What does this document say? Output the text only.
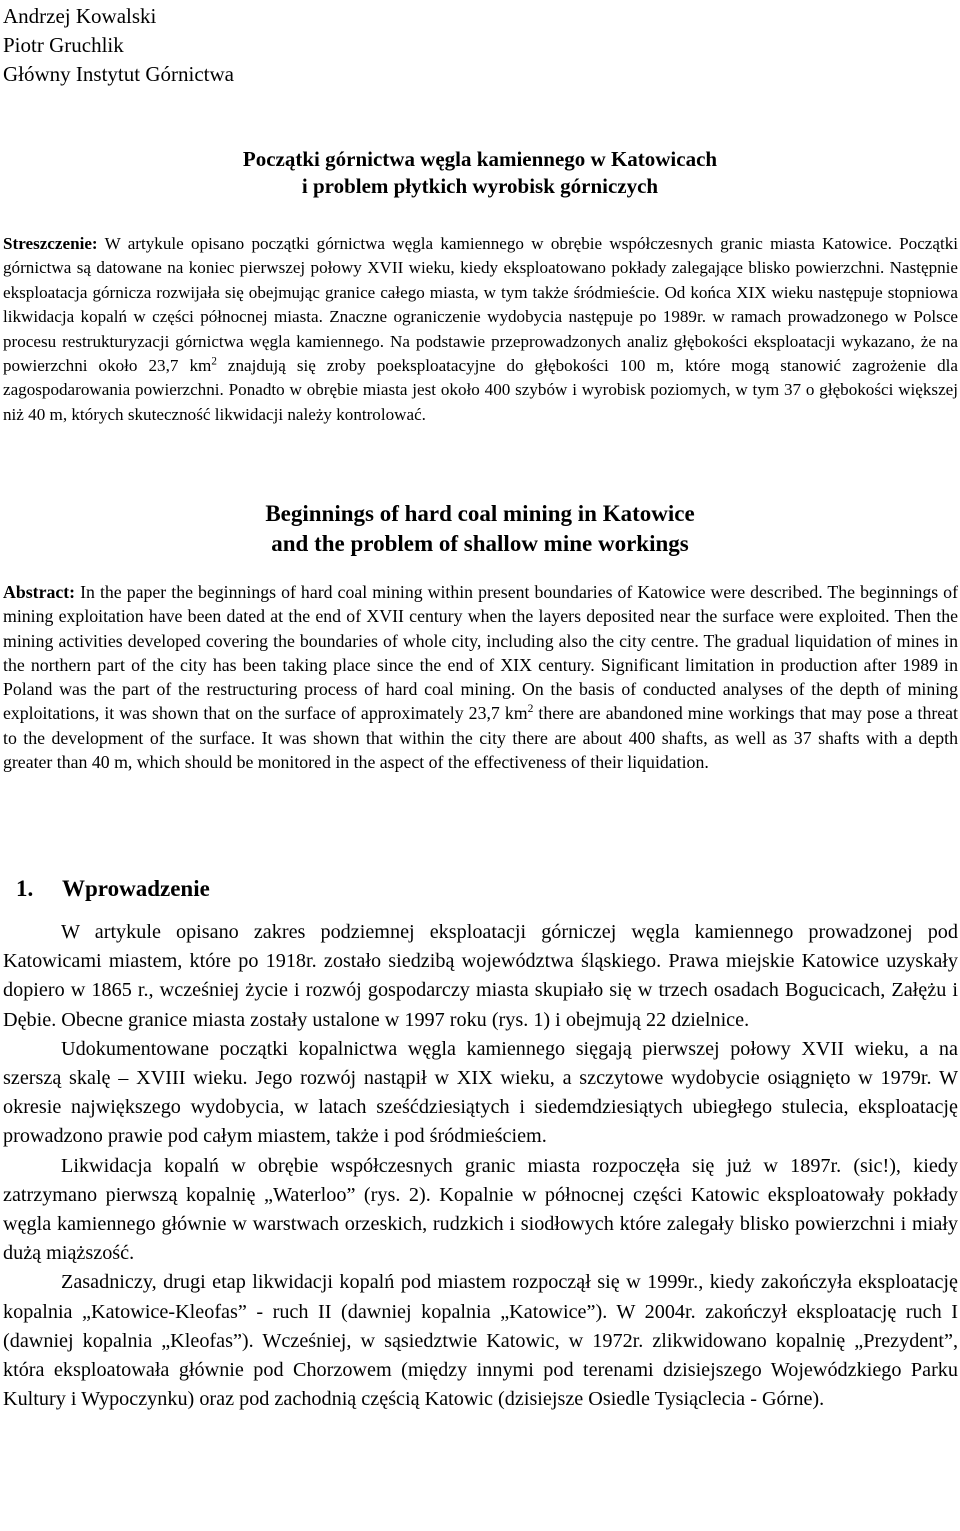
Andrzej Kowalski
Piotr Gruchlik
Główny Instytut Górnictwa
Początki górnictwa węgla kamiennego w Katowicach
i problem płytkich wyrobisk górniczych
Streszczenie: W artykule opisano początki górnictwa węgla kamiennego w obrębie współczesnych granic miasta Katowice. Początki górnictwa są datowane na koniec pierwszej połowy XVII wieku, kiedy eksploatowano pokłady zalegające blisko powierzchni. Następnie eksploatacja górnicza rozwijała się obejmując granice całego miasta, w tym także śródmieście. Od końca XIX wieku następuje stopniowa likwidacja kopalń w części północnej miasta. Znaczne ograniczenie wydobycia następuje po 1989r. w ramach prowadzonego w Polsce procesu restrukturyzacji górnictwa węgla kamiennego. Na podstawie przeprowadzonych analiz głębokości eksploatacji wykazano, że na powierzchni około 23,7 $km^2$ znajdują się zroby poeksploatacyjne do głębokości 100 m, które mogą stanowić zagrożenie dla zagospodarowania powierzchni. Ponadto w obrębie miasta jest około 400 szybów i wyrobisk poziomych, w tym 37 o głębokości większej niż 40 m, których skuteczność likwidacji należy kontrolować.
Beginnings of hard coal mining in Katowice
and the problem of shallow mine workings
Abstract: In the paper the beginnings of hard coal mining within present boundaries of Katowice were described. The beginnings of mining exploitation have been dated at the end of XVII century when the layers deposited near the surface were exploited. Then the mining activities developed covering the boundaries of whole city, including also the city centre. The gradual liquidation of mines in the northern part of the city has been taking place since the end of XIX century. Significant limitation in production after 1989 in Poland was the part of the restructuring process of hard coal mining. On the basis of conducted analyses of the depth of mining exploitations, it was shown that on the surface of approximately 23,7 $km^2$ there are abandoned mine workings that may pose a threat to the development of the surface. It was shown that within the city there are about 400 shafts, as well as 37 shafts with a depth greater than 40 m, which should be monitored in the aspect of the effectiveness of their liquidation.
1. Wprowadzenie

W artykule opisano zakres podziemnej eksploatacji górniczej węgla kamiennego prowadzonej pod Katowicami miastem, które po 1918r. zostało siedzibą województwa śląskiego. Prawa miejskie Katowice uzyskały dopiero w 1865 r., wcześniej życie i rozwój gospodarczy miasta skupiało się w trzech osadach Bogucicach, Załężu i Dębie. Obecne granice miasta zostały ustalone w 1997 roku (rys. 1) i obejmują 22 dzielnice.

Udokumentowane początki kopalnictwa węgla kamiennego sięgają pierwszej połowy XVII wieku, a na szerszą skalę – XVIII wieku. Jego rozwój nastąpił w XIX wieku, a szczytowe wydobycie osiągnięto w 1979r. W okresie największego wydobycia, w latach sześćdziesiątych i siedemdziesiątych ubiegłego stulecia, eksploatację prowadzono prawie pod całym miastem, także i pod śródmieściem.

Likwidacja kopalń w obrębie współczesnych granic miasta rozpoczęła się już w 1897r. (sic!), kiedy zatrzymano pierwszą kopalnię „Waterloo” (rys. 2). Kopalnie w północnej części Katowic eksploatowały pokłady węgla kamiennego głównie w warstwach orzeskich, rudzkich i siodłowych które zalegały blisko powierzchni i miały dużą miąższość.

Zasadniczy, drugi etap likwidacji kopalń pod miastem rozpoczął się w 1999r., kiedy zakończyła eksploatację kopalnia „Katowice-Kleofas” - ruch II (dawniej kopalnia „Katowice”). W 2004r. zakończył eksploatację ruch I (dawniej kopalnia „Kleofas”). Wcześniej, w sąsiedztwie Katowic, w 1972r. zlikwidowano kopalnię „Prezydent”, która eksploatowała głównie pod Chorzowem (między innymi pod terenami dzisiejszego Wojewódzkiego Parku Kultury i Wypoczynku) oraz pod zachodnią częścią Katowic (dzisiejsze Osiedle Tysiąclecia - Górne).
